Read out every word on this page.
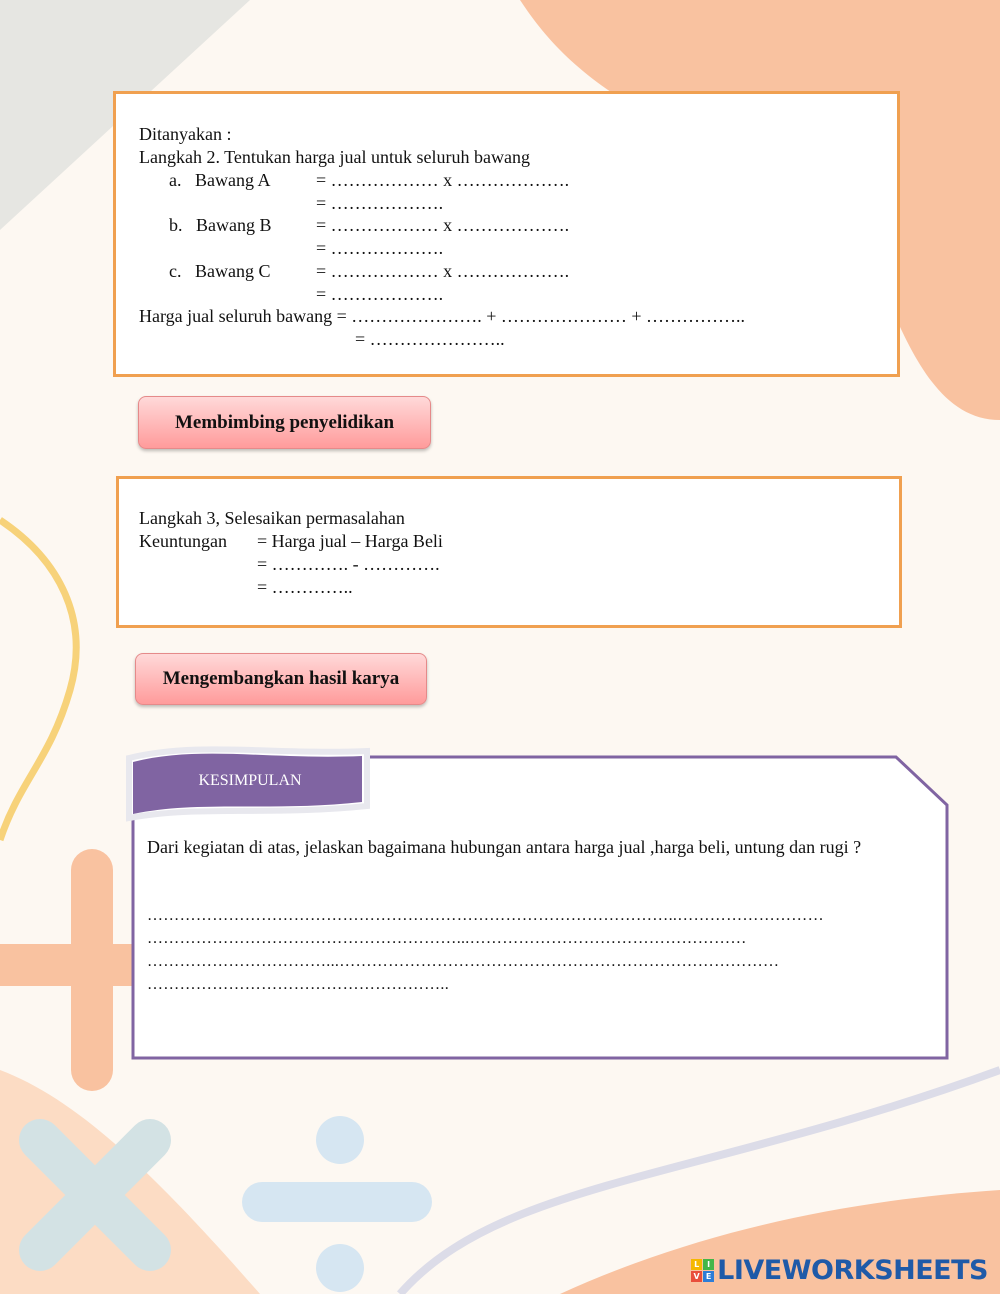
Ditanyakan :
Langkah 2. Tentukan harga jual untuk seluruh bawang
a.   Bawang A	= ……………… x ……………….
= ……………….
b.   Bawang B = ……………… x ……………….
= ……………….
c.   Bawang C	= ……………… x ……………….
= ……………….
Harga jual seluruh bawang = …………………. + ………………… + ……………..
= …………………..
Membimbing penyelidikan
Langkah 3, Selesaikan permasalahan
Keuntungan = Harga jual – Harga Beli
= …………. - ………….
= …………..
Mengembangkan hasil karya
KESIMPULAN
Dari kegiatan di atas, jelaskan bagaimana hubungan antara harga jual ,harga beli, untung dan rugi ?
……………………………………………………………………………………..………………………
…………………………………………………...……………………………………………
……………………………...………………………………………………………………………
………………………………………………..
L I
V E LIVEWORKSHEETS
